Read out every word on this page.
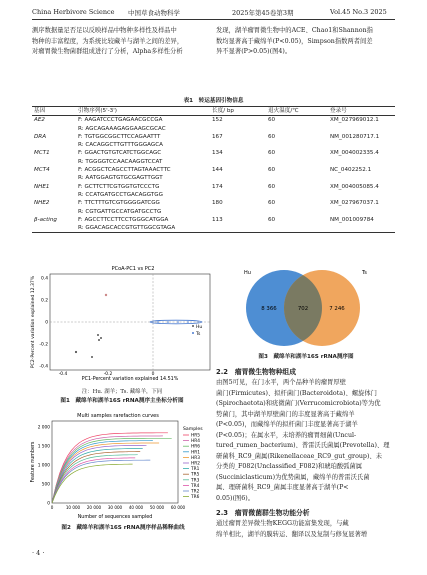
China Herbivore Science 中国草食动物科学	2025年第45卷第3期	Vol.45 No.3 2025
测序数据量足否足以反映样品中物种多样性及样品中
物种的丰富程度，为系统比较藏羊与湖羊之间的差异，
对瘤胃微生物菌群组成进行了分析，Alpha多样性分析
发现，湖羊瘤胃微生物中的ACE、Chao1和Shannon指
数均显著高于藏绵羊(P<0.05)，Simpson指数两者间差
异不显著(P>0.05)(图4)。
表1　转运基因引物信息
基因	引物序列(5'-3')	长度/ bp	退火温度/℃	登录号
AE2	F: AAGATCCCTGAGAACGCCGA	152	60	XM_027969012.1
	R: AGCAGAAAGAGGAAGCGCAC			
DRA	F: TGTGGCGGCTTCCAGAATTT	167	60	NM_001280717.1
	R: CACAGGCTTGTTTGGGAGCA			
MCT1	F: GGACTGTGTCATCTGGCAGC	134	60	XM_004002335.4
	R: TGGGGTCCAACAAGGTCCAT			
MCT4	F: ACGGCTCAGCCTTAGTAAACTTC	144	60	NC_0402252.1
	R: AATGGAGTGTGCGAGTTGGT			
NHE1	F: GCTTCTTCGTGGTGTCCCTG	174	60	XM_004005085.4
	R: CCATGATGCCTGACAGGTGG			
NHE2	F: TTCTTTGTCGTGGGGATCGG	180	60	XM_027967037.1
	R: CGTGATTGCCATGATGCCTG			
β-acting	F: AGCCTTCCTTCCTGGGCATGGA	113	60	NM_001009784
	R: GGACAGCACCGTGTTGGCGTAGA			
PCoA-PC1 vs PC2
0.4
0.2
0
-0.2
-0.4
-0.4	-0.2	0
PC1-Percent variation explained 14.51%
PC2-Percent variation explained 12.37%	Hu
Ts
注：Hu. 湖羊；Ts. 藏绵羊，下同
图1　藏绵羊和湖羊16S rRNA测序主坐标分析图
Hu	Ts
8 366	702	7 246
图3　藏绵羊和湖羊16S rRNA测序图
2.2　瘤胃微生物物种组成
由图5可见，在门水平，两个品种羊的瘤胃厚壁
菌门(Firmicutes)、拟杆菌门(Bacteroidota)、螺旋体门
(Spirochaetota)和疣微菌门(Verrucomicrobiota)等为优
势菌门，其中湖羊厚壁菌门的丰度显著高于藏绵羊
(P<0.05)，而藏绵羊的拟杆菌门丰度显著高于湖羊
(P<0.05)；在属水平，未培养的瘤胃细菌(Uncul-
tured_rumen_bacterium)、普雷沃氏菌属(Prevotella)、理
研菌科_RC9_菌属(Rikenellaceae_RC9_gut_group)、未
分类的_F082(Unclassified_F082)和琥珀酸弧菌属
(Succiniclasticum)为优势菌属，藏绵羊的普雷沃氏菌
属、理研菌科_RC9_菌属丰度显著高于湖羊(P<
0.05)(图6)。
Multi samples rarefaction curves
0
500
1 000
1 500
2 000
0	10 000 20 000 30 000 40 000 50 000 60 000
Number of sequences sampled
Feature numbers
Samples
HR5
HR4
HR6
HR1
HR3
HR2
TR1
TR5
TR3
TR4
TR2
TR6
图2　藏绵羊和湖羊16S rRNA测序样品稀释曲线
2.3　瘤胃微菌群生物功能分析
通过瘤胃差异微生物KEGG功能富集发现，与藏
绵羊相比，湖羊的膜转运、翻译以及复制与修复显著增
· 4 ·
